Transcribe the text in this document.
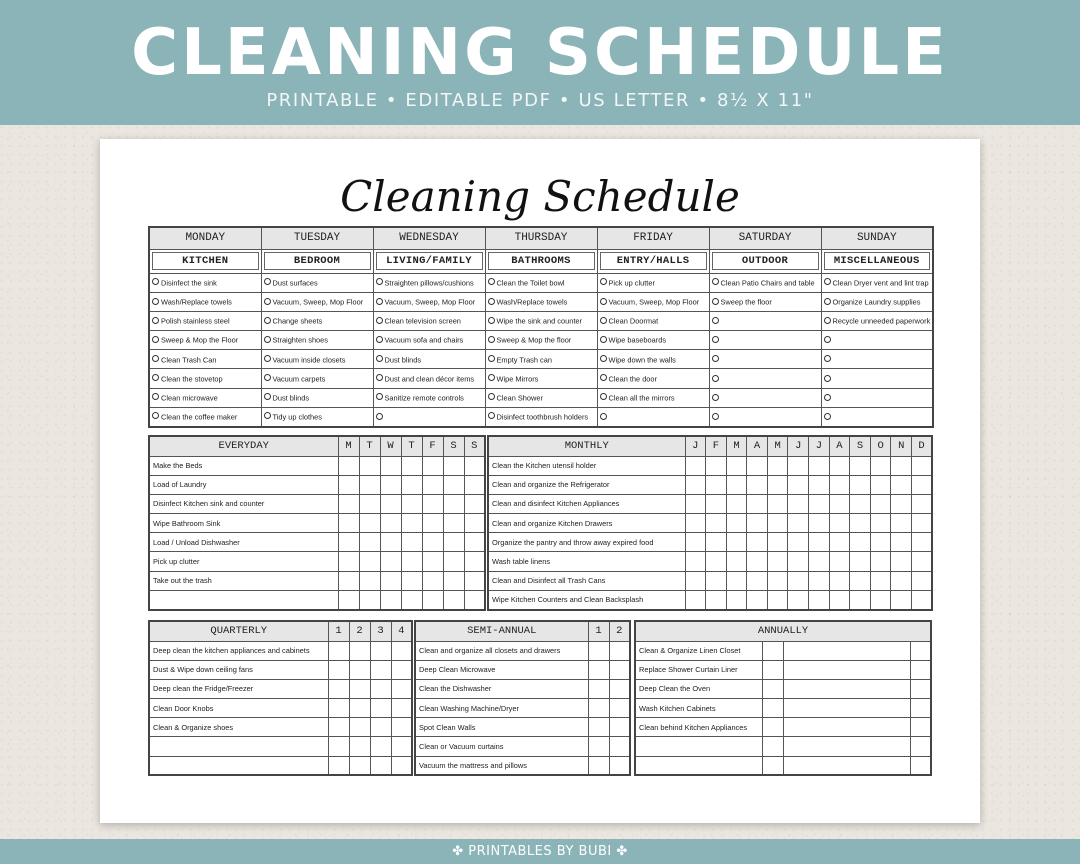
CLEANING SCHEDULE
PRINTABLE • EDITABLE PDF • US LETTER • 8½ X 11"
Cleaning Schedule
MONDAY	TUESDAY	WEDNESDAY	THURSDAY	FRIDAY	SATURDAY	SUNDAY

KITCHEN	BEDROOM	LIVING/FAMILY	BATHROOMS	ENTRY/HALLS	OUTDOOR	MISCELLANEOUS

Disinfect the sink	Dust surfaces	Straighten pillows/cushions	Clean the Toilet bowl	Pick up clutter	Clean Patio Chairs and table	Clean Dryer vent and lint trap
Wash/Replace towels	Vacuum, Sweep, Mop Floor	Vacuum, Sweep, Mop Floor	Wash/Replace towels	Vacuum, Sweep, Mop Floor	Sweep the floor	Organize Laundry supplies
Polish stainless steel	Change sheets	Clean television screen	Wipe the sink and counter	Clean Doormat		Recycle unneeded paperwork
Sweep & Mop the Floor	Straighten shoes	Vacuum sofa and chairs	Sweep & Mop the floor	Wipe baseboards		
Clean Trash Can	Vacuum inside closets	Dust blinds	Empty Trash can	Wipe down the walls		
Clean the stovetop	Vacuum carpets	Dust and clean décor items	Wipe Mirrors	Clean the door		
Clean microwave	Dust blinds	Sanitize remote controls	Clean Shower	Clean all the mirrors		
Clean the coffee maker	Tidy up clothes		Disinfect toothbrush holders			
EVERYDAY	M	T	W	T	F	S	S
Make the Beds							
Load of Laundry							
Disinfect Kitchen sink and counter							
Wipe Bathroom Sink							
Load / Unload Dishwasher							
Pick up clutter							
Take out the trash							

MONTHLY	J	F	M	A	M	J	J	A	S	O	N	D
Clean the Kitchen utensil holder												
Clean and organize the Refrigerator												
Clean and disinfect Kitchen Appliances												
Clean and organize Kitchen Drawers												
Organize the pantry and throw away expired food												
Wash table linens												
Clean and Disinfect all Trash Cans												
Wipe Kitchen Counters and Clean Backsplash												
QUARTERLY	1	2	3	4
Deep clean the kitchen appliances and cabinets				
Dust & Wipe down ceiling fans				
Deep clean the Fridge/Freezer				
Clean Door Knobs				
Clean & Organize shoes				

SEMI-ANNUAL	1	2
Clean and organize all closets and drawers		
Deep Clean Microwave		
Clean the Dishwasher		
Clean Washing Machine/Dryer		
Spot Clean Walls		
Clean or Vacuum curtains		
Vacuum the mattress and pillows		
ANNUALLY			
Clean & Organize Linen Closet			
Replace Shower Curtain Liner			
Deep Clean the Oven			
Wash Kitchen Cabinets			
Clean behind Kitchen Appliances			

✤ PRINTABLES BY BUBI ✤
